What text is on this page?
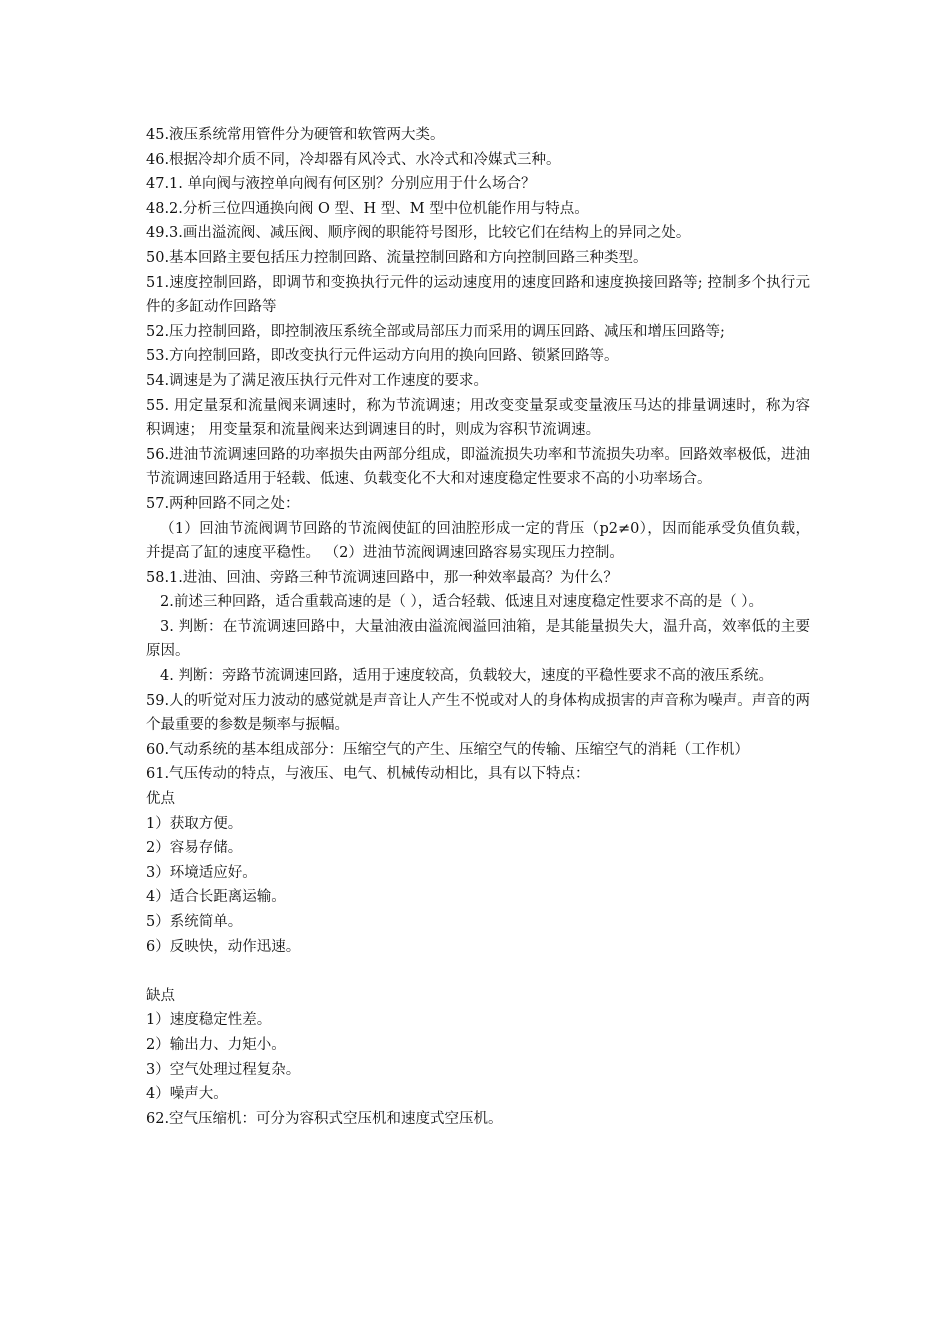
45.液压系统常用管件分为硬管和软管两大类。

46.根据冷却介质不同，冷却器有风冷式、水冷式和冷媒式三种。

47.1. 单向阀与液控单向阀有何区别？分别应用于什么场合？

48.2.分析三位四通换向阀 O 型、H 型、M 型中位机能作用与特点。

49.3.画出溢流阀、减压阀、顺序阀的职能符号图形，比较它们在结构上的异同之处。

50.基本回路主要包括压力控制回路、流量控制回路和方向控制回路三种类型。

51.速度控制回路，即调节和变换执行元件的运动速度用的速度回路和速度换接回路等; 控制多个执行元件的多缸动作回路等

52.压力控制回路，即控制液压系统全部或局部压力而采用的调压回路、减压和增压回路等;

53.方向控制回路，即改变执行元件运动方向用的换向回路、锁紧回路等。

54.调速是为了满足液压执行元件对工作速度的要求。

55. 用定量泵和流量阀来调速时，称为节流调速；用改变变量泵或变量液压马达的排量调速时，称为容积调速； 用变量泵和流量阀来达到调速目的时，则成为容积节流调速。

56.进油节流调速回路的功率损失由两部分组成，即溢流损失功率和节流损失功率。回路效率极低，进油节流调速回路适用于轻载、低速、负载变化不大和对速度稳定性要求不高的小功率场合。

57.两种回路不同之处：

（1）回油节流阀调节回路的节流阀使缸的回油腔形成一定的背压（p2≠0），因而能承受负值负载，并提高了缸的速度平稳性。 （2）进油节流阀调速回路容易实现压力控制。

58.1.进油、回油、旁路三种节流调速回路中，那一种效率最高？为什么？

2.前述三种回路，适合重载高速的是（ ），适合轻载、低速且对速度稳定性要求不高的是（ ）。

3. 判断：在节流调速回路中，大量油液由溢流阀溢回油箱，是其能量损失大，温升高，效率低的主要原因。

4. 判断：旁路节流调速回路，适用于速度较高，负载较大，速度的平稳性要求不高的液压系统。

59.人的听觉对压力波动的感觉就是声音让人产生不悦或对人的身体构成损害的声音称为噪声。声音的两个最重要的参数是频率与振幅。

60.气动系统的基本组成部分：压缩空气的产生、压缩空气的传输、压缩空气的消耗（工作机）

61.气压传动的特点，与液压、电气、机械传动相比，具有以下特点：

优点

1）获取方便。

2）容易存储。

3）环境适应好。

4）适合长距离运输。

5）系统简单。

6）反映快，动作迅速。

缺点

1）速度稳定性差。

2）输出力、力矩小。

3）空气处理过程复杂。

4）噪声大。

62.空气压缩机：可分为容积式空压机和速度式空压机。
